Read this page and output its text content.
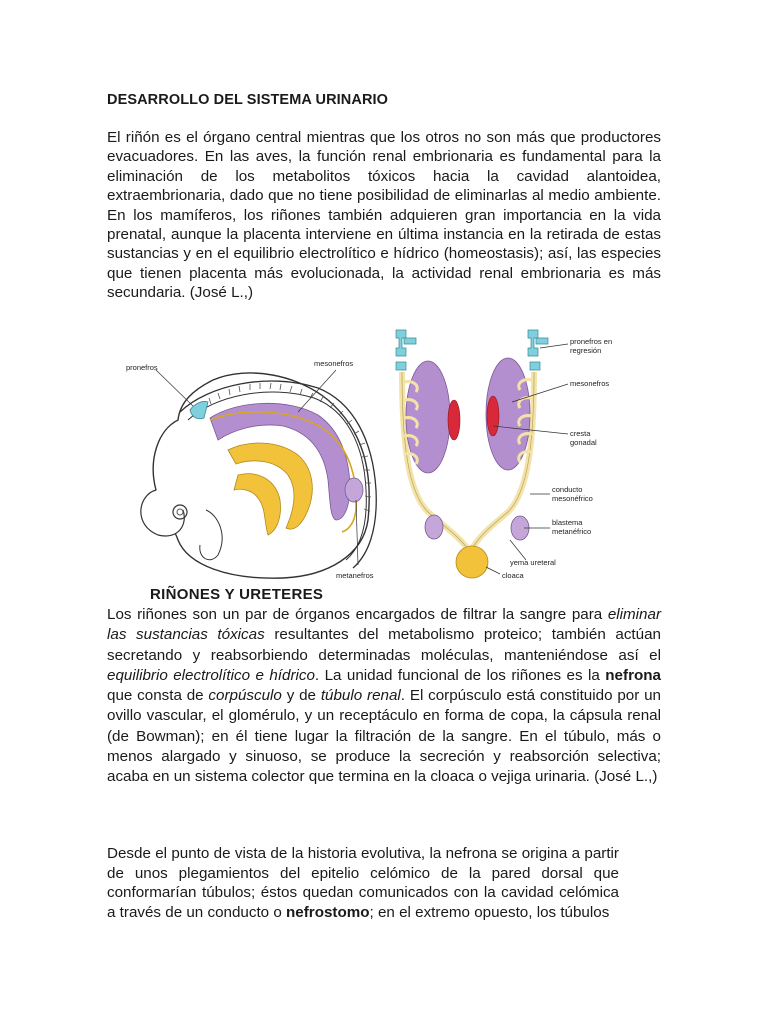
DESARROLLO DEL SISTEMA URINARIO

El riñón es el órgano central mientras que los otros no son más que productores evacuadores. En las aves, la función renal embrionaria es fundamental para la eliminación de los metabolitos tóxicos hacia la cavidad alantoidea, extraembrionaria, dado que no tiene posibilidad de eliminarlas al medio ambiente. En los mamíferos, los riñones también adquieren gran importancia en la vida prenatal, aunque la placenta interviene en última instancia en la retirada de estas sustancias y en el equilibrio electrolítico e hídrico (homeostasis); así, las especies que tienen placenta más evolucionada, la actividad renal embrionaria es más secundaria. (José L.,)

pronefros	mesonefros
metanefros
pronefros en
regresión
mesonefros
cresta
gonadal
conducto
mesonéfrico
blastema
metanéfrico
yema ureteral
cloaca
RIÑONES Y URETERES

Los riñones son un par de órganos encargados de filtrar la sangre para eliminar las sustancias tóxicas resultantes del metabolismo proteico; también actúan secretando y reabsorbiendo determinadas moléculas, manteniéndose así el equilibrio electrolítico e hídrico. La unidad funcional de los riñones es la nefrona que consta de corpúsculo y de túbulo renal. El corpúsculo está constituido por un ovillo vascular, el glomérulo, y un receptáculo en forma de copa, la cápsula renal (de Bowman); en él tiene lugar la filtración de la sangre. En el túbulo, más o menos alargado y sinuoso, se produce la secreción y reabsorción selectiva; acaba en un sistema colector que termina en la cloaca o vejiga urinaria. (José L.,)

Desde el punto de vista de la historia evolutiva, la nefrona se origina a partir de unos plegamientos del epitelio celómico de la pared dorsal que conformarían túbulos; éstos quedan comunicados con la cavidad celómica a través de un conducto o nefrostomo; en el extremo opuesto, los túbulos
